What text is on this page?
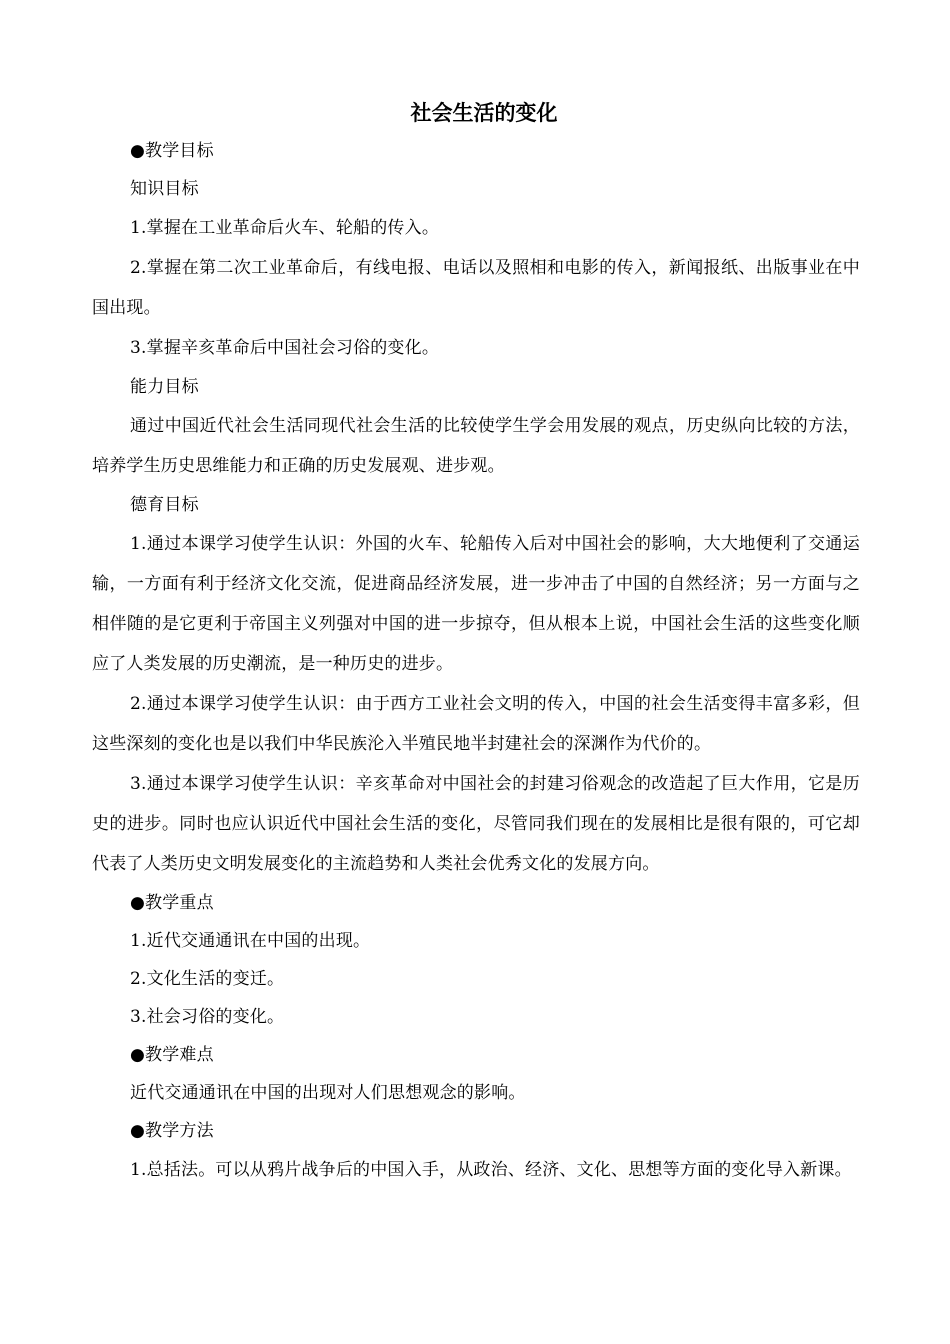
社会生活的变化

●教学目标

知识目标

1.掌握在工业革命后火车、轮船的传入。

2.掌握在第二次工业革命后，有线电报、电话以及照相和电影的传入，新闻报纸、出版事业在中国出现。

3.掌握辛亥革命后中国社会习俗的变化。

能力目标

通过中国近代社会生活同现代社会生活的比较使学生学会用发展的观点，历史纵向比较的方法，培养学生历史思维能力和正确的历史发展观、进步观。

德育目标

1.通过本课学习使学生认识：外国的火车、轮船传入后对中国社会的影响，大大地便利了交通运输，一方面有利于经济文化交流，促进商品经济发展，进一步冲击了中国的自然经济；另一方面与之相伴随的是它更利于帝国主义列强对中国的进一步掠夺，但从根本上说，中国社会生活的这些变化顺应了人类发展的历史潮流，是一种历史的进步。

2.通过本课学习使学生认识：由于西方工业社会文明的传入，中国的社会生活变得丰富多彩，但这些深刻的变化也是以我们中华民族沦入半殖民地半封建社会的深渊作为代价的。

3.通过本课学习使学生认识：辛亥革命对中国社会的封建习俗观念的改造起了巨大作用，它是历史的进步。同时也应认识近代中国社会生活的变化，尽管同我们现在的发展相比是很有限的，可它却代表了人类历史文明发展变化的主流趋势和人类社会优秀文化的发展方向。

●教学重点

1.近代交通通讯在中国的出现。

2.文化生活的变迁。

3.社会习俗的变化。

●教学难点

近代交通通讯在中国的出现对人们思想观念的影响。

●教学方法

1.总括法。可以从鸦片战争后的中国入手，从政治、经济、文化、思想等方面的变化导入新课。
